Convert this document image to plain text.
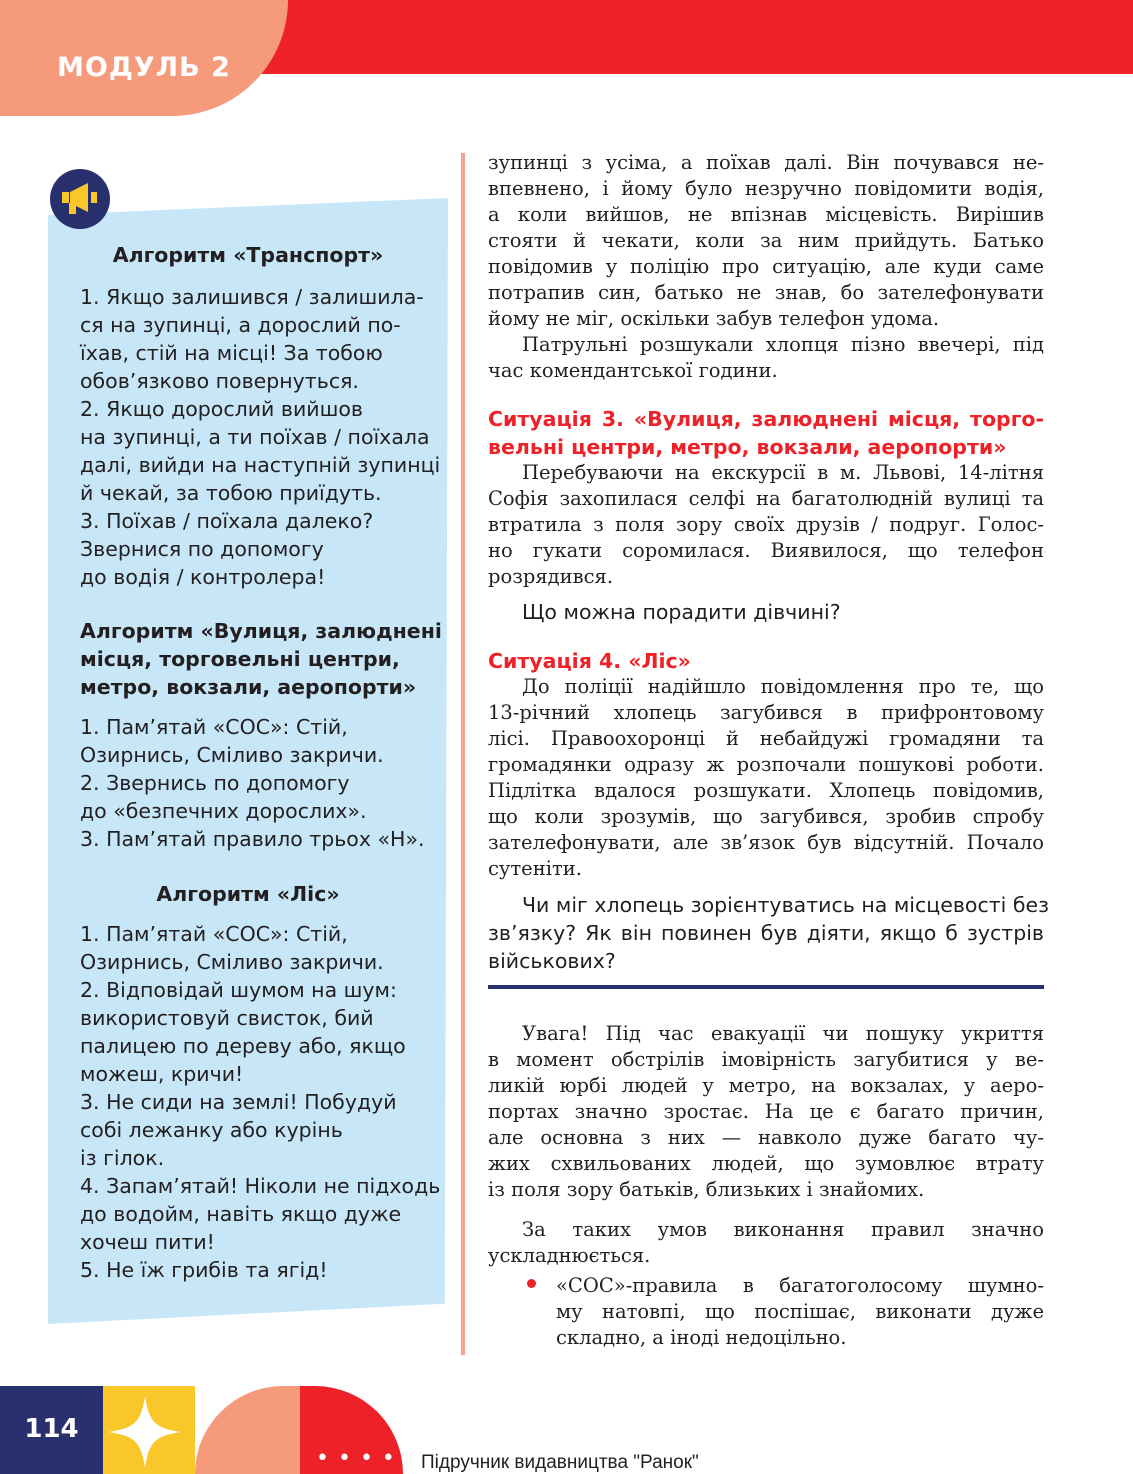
МОДУЛЬ 2
Алгоритм «Транспорт»
1. Якщо залишився / залишила-
ся на зупинці, а дорослий по-
їхав, стій на місці! За тобою
обов’язково повернуться.
2. Якщо дорослий вийшов
на зупинці, а ти поїхав / поїхала
далі, вийди на наступній зупинці
й чекай, за тобою приїдуть.
3. Поїхав / поїхала далеко?
Звернися по допомогу
до водія / контролера!
Алгоритм «Вулиця, залюднені
місця, торговельні центри,
метро, вокзали, аеропорти»
1. Пам’ятай «СОС»: Стій,
Озирнись, Сміливо закричи.
2. Звернись по допомогу
до «безпечних дорослих».
3. Пам’ятай правило трьох «Н».
Алгоритм «Ліс»
1. Пам’ятай «СОС»: Стій,
Озирнись, Сміливо закричи.
2. Відповідай шумом на шум:
використовуй свисток, бий
палицею по дереву або, якщо
можеш, кричи!
3. Не сиди на землі! Побудуй
собі лежанку або курінь
із гілок.
4. Запам’ятай! Ніколи не підходь
до водойм, навіть якщо дуже
хочеш пити!
5. Не їж грибів та ягід!
зупинці з усіма, а поїхав далі. Він почувався не-
впевнено, і йому було незручно повідомити водія,
а коли вийшов, не впізнав місцевість. Вирішив
стояти й чекати, коли за ним прийдуть. Батько
повідомив у поліцію про ситуацію, але куди саме
потрапив син, батько не знав, бо зателефонувати
йому не міг, оскільки забув телефон удома.
Патрульні розшукали хлопця пізно ввечері, під
час комендантської години.
Ситуація 3. «Вулиця, залюднені місця, торго-
вельні центри, метро, вокзали, аеропорти»
Перебуваючи на екскурсії в м. Львові, 14-літня
Софія захопилася селфі на багатолюдній вулиці та
втратила з поля зору своїх друзів / подруг. Голос-
но гукати соромилася. Виявилося, що телефон
розрядився.
Що можна порадити дівчині?
Ситуація 4. «Ліс»
До поліції надійшло повідомлення про те, що
13-річний хлопець загубився в прифронтовому
лісі. Правоохоронці й небайдужі громадяни та
громадянки одразу ж розпочали пошукові роботи.
Підлітка вдалося розшукати. Хлопець повідомив,
що коли зрозумів, що загубився, зробив спробу
зателефонувати, але зв’язок був відсутній. Почало
сутеніти.
Чи міг хлопець зорієнтуватись на місцевості без
зв’язку? Як він повинен був діяти, якщо б зустрів
військових?
Увага! Під час евакуації чи пошуку укриття
в момент обстрілів імовірність загубитися у ве-
ликій юрбі людей у метро, на вокзалах, у аеро-
портах значно зростає. На це є багато причин,
але основна з них — навколо дуже багато чу-
жих схвильованих людей, що зумовлює втрату
із поля зору батьків, близьких і знайомих.
За таких умов виконання правил значно
ускладнюється.
«СОС»-правила в багатоголосому шумно-
му натовпі, що поспішає, виконати дуже
складно, а іноді недоцільно.
114
•••• Підручник видавництва "Ранок"
